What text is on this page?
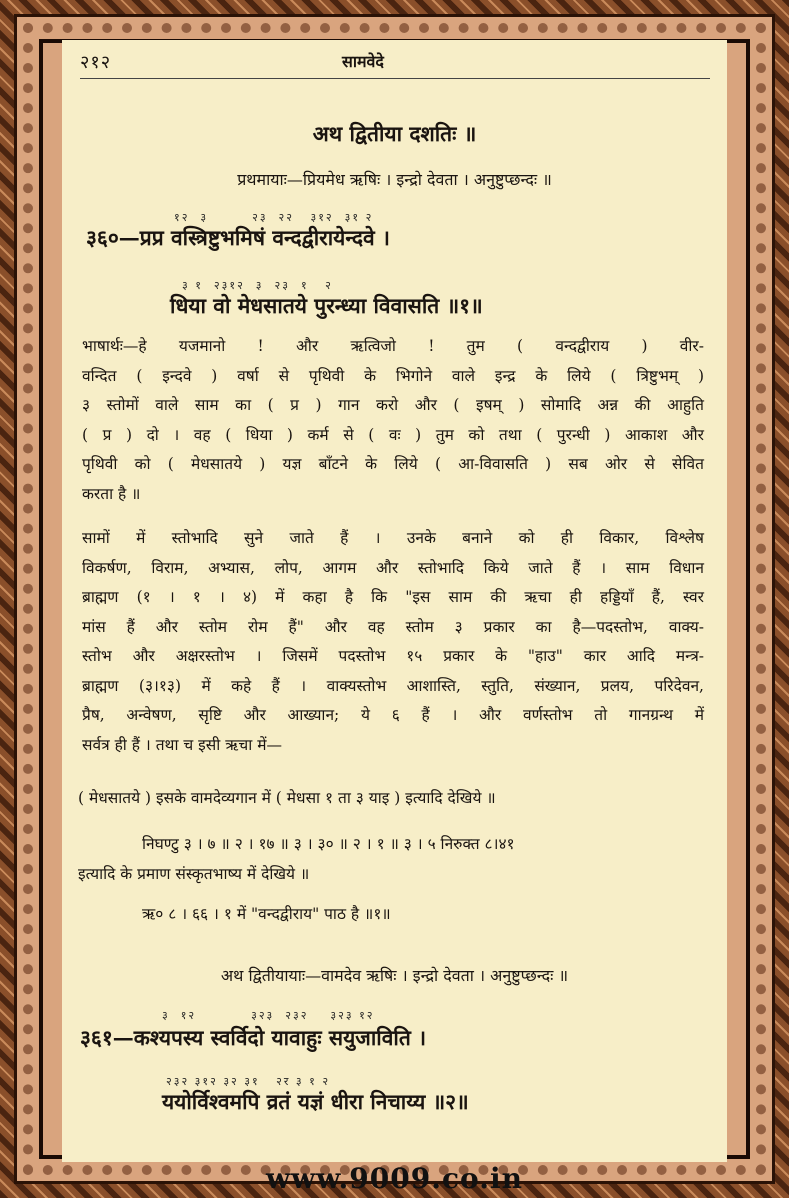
२१२	सामवेदे
अथ द्वितीया दशतिः ॥
प्रथमायाः—प्रियमेध ऋषिः । इन्द्रो देवता । अनुष्टुप्छन्दः ॥
१२  ३        २३  २२   ३१२  ३१ २
३६०—प्रप्र वस्त्रिष्टुभमिषं वन्दद्वीरायेन्दवे ।
३ १  २३१२  ३  २३  १   २
धिया वो मेधसातये पुरन्ध्या विवासति ॥१॥
भाषार्थः—हे यजमानो ! और ऋत्विजो ! तुम ( वन्दद्वीराय ) वीर-
वन्दित ( इन्दवे ) वर्षा से पृथिवी के भिगोने वाले इन्द्र के लिये ( त्रिष्टुभम् )
३ स्तोमों वाले साम का ( प्र ) गान करो और ( इषम् ) सोमादि अन्न की आहुति
( प्र ) दो । वह ( धिया ) कर्म से ( वः ) तुम को तथा ( पुरन्धी ) आकाश और
पृथिवी को ( मेधसातये ) यज्ञ बाँटने के लिये ( आ-विवासति ) सब ओर से सेवित
करता है ॥
सामों में स्तोभादि सुने जाते हैं । उनके बनाने को ही विकार, विश्लेष
विकर्षण, विराम, अभ्यास, लोप, आगम और स्तोभादि किये जाते हैं । साम विधान
ब्राह्मण (१ । १ । ४) में कहा है कि "इस साम की ऋचा ही हड्डियाँ हैं, स्वर
मांस हैं और स्तोम रोम हैं" और वह स्तोम ३ प्रकार का है—पदस्तोभ, वाक्य-
स्तोभ और अक्षरस्तोभ । जिसमें पदस्तोभ १५ प्रकार के "हाउ" कार आदि मन्त्र-
ब्राह्मण (३।१३) में कहे हैं । वाक्यस्तोभ आशास्ति, स्तुति, संख्यान, प्रलय, परिदेवन,
प्रैष, अन्वेषण, सृष्टि और आख्यान; ये ६ हैं । और वर्णस्तोभ तो गानग्रन्थ में
सर्वत्र ही हैं । तथा च इसी ऋचा में—
( मेधसातये ) इसके वामदेव्यगान में ( मेधसा १ ता ३ याइ ) इत्यादि देखिये ॥
निघण्टु ३ । ७ ॥ २ । १७ ॥ ३ । ३० ॥ २ । १ ॥ ३ । ५ निरुक्त ८।४१
इत्यादि के प्रमाण संस्कृतभाष्य में देखिये ॥
ऋ० ८ । ६६ । १ में "वन्दद्वीराय" पाठ है ॥१॥
अथ द्वितीयायाः—वामदेव ऋषिः । इन्द्रो देवता । अनुष्टुप्छन्दः ॥
३  १२          ३२३  २३२    ३२३ १२
३६१—कश्यपस्य स्वर्विदो यावाहुः सयुजाविति ।
२३२ ३१२ ३२ ३१   २र ३ १ २
ययोर्विश्वमपि व्रतं यज्ञं धीरा निचाय्य ॥२॥
www.9009.co.in
